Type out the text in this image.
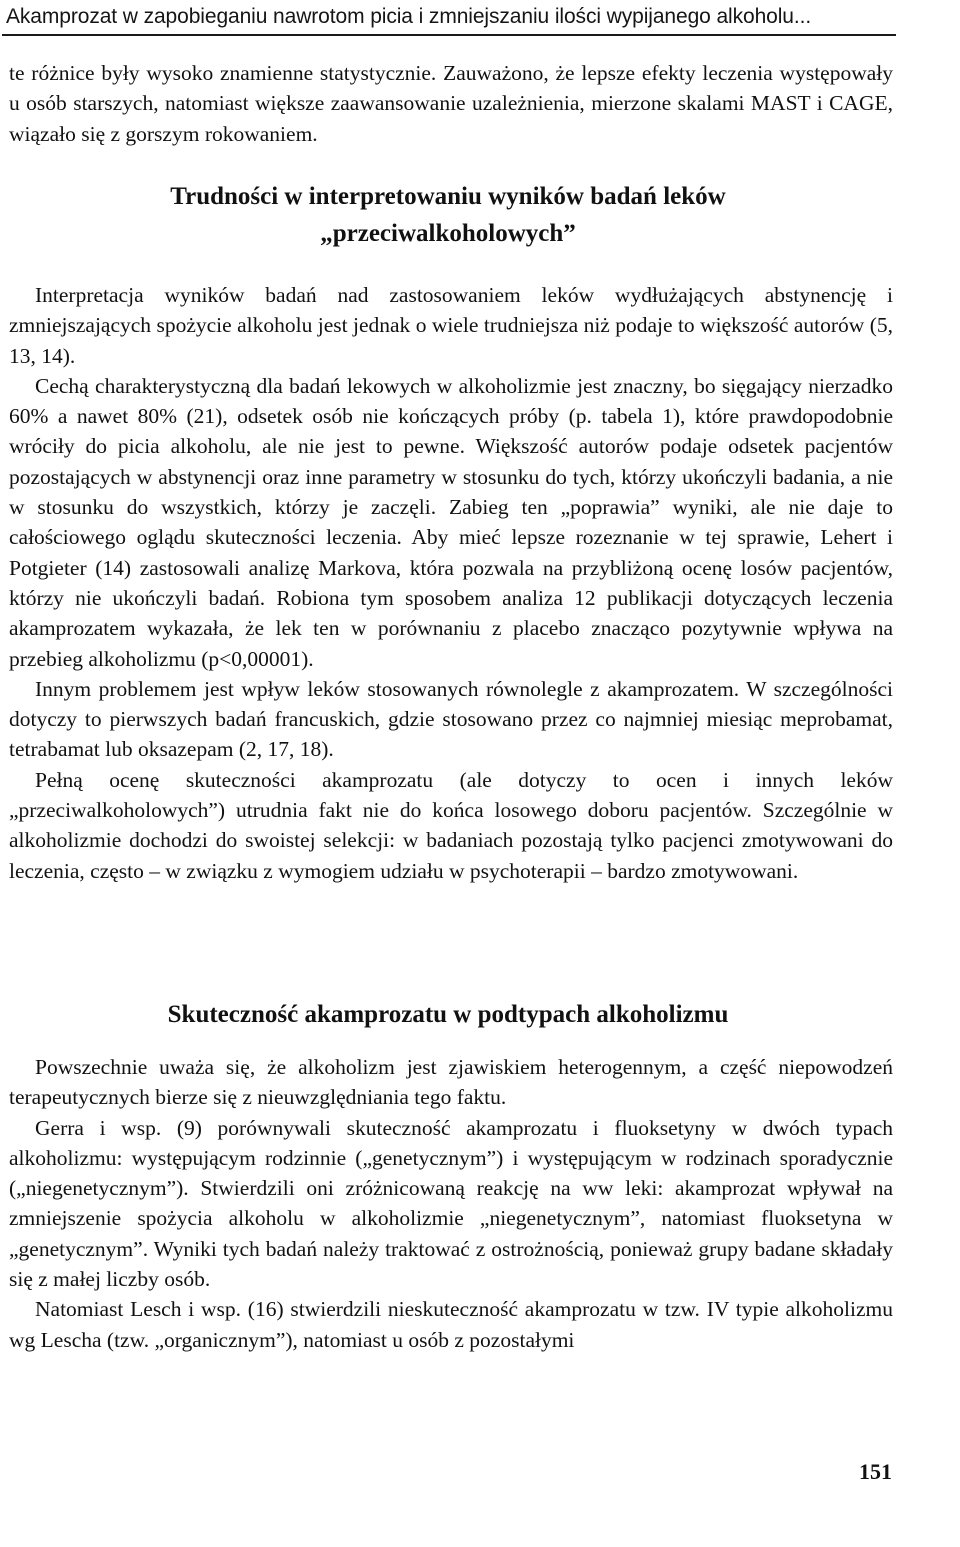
Akamprozat w zapobieganiu nawrotom picia i zmniejszaniu ilości wypijanego alkoholu...

te różnice były wysoko znamienne statystycznie. Zauważono, że lepsze efekty leczenia występowały u osób starszych, natomiast większe zaawansowanie uzależnienia, mierzone skalami MAST i CAGE, wiązało się z gorszym rokowaniem.

Trudności w interpretowaniu wyników badań leków
„przeciwalkoholowych”

Interpretacja wyników badań nad zastosowaniem leków wydłużających abstynencję i zmniejszających spożycie alkoholu jest jednak o wiele trudniejsza niż podaje to większość autorów (5, 13, 14).

Cechą charakterystyczną dla badań lekowych w alkoholizmie jest znaczny, bo sięgający nierzadko 60% a nawet 80% (21), odsetek osób nie kończących próby (p. tabela 1), które prawdopodobnie wróciły do picia alkoholu, ale nie jest to pewne. Większość autorów podaje odsetek pacjentów pozostających w abstynencji oraz inne parametry w stosunku do tych, którzy ukończyli badania, a nie w stosunku do wszystkich, którzy je zaczęli. Zabieg ten „poprawia” wyniki, ale nie daje to całościowego oglądu skuteczności leczenia. Aby mieć lepsze rozeznanie w tej sprawie, Lehert i Potgieter (14) zastosowali analizę Markova, która pozwala na przybliżoną ocenę losów pacjentów, którzy nie ukończyli badań. Robiona tym sposobem analiza 12 publikacji dotyczących leczenia akamprozatem wykazała, że lek ten w porównaniu z placebo znacząco pozytywnie wpływa na przebieg alkoholizmu (p<0,00001).

Innym problemem jest wpływ leków stosowanych równolegle z akamprozatem. W szczególności dotyczy to pierwszych badań francuskich, gdzie stosowano przez co najmniej miesiąc meprobamat, tetrabamat lub oksazepam (2, 17, 18).

Pełną ocenę skuteczności akamprozatu (ale dotyczy to ocen i innych leków „przeciwalkoholowych”) utrudnia fakt nie do końca losowego doboru pacjentów. Szczególnie w alkoholizmie dochodzi do swoistej selekcji: w badaniach pozostają tylko pacjenci zmotywowani do leczenia, często – w związku z wymogiem udziału w psychoterapii – bardzo zmotywowani.

Skuteczność akamprozatu w podtypach alkoholizmu

Powszechnie uważa się, że alkoholizm jest zjawiskiem heterogennym, a część niepowodzeń terapeutycznych bierze się z nieuwzględniania tego faktu.

Gerra i wsp. (9) porównywali skuteczność akamprozatu i fluoksetyny w dwóch typach alkoholizmu: występującym rodzinnie („genetycznym”) i występującym w rodzinach sporadycznie („niegenetycznym”). Stwierdzili oni zróżnicowaną reakcję na ww leki: akamprozat wpływał na zmniejszenie spożycia alkoholu w alkoholizmie „niegenetycznym”, natomiast fluoksetyna w „genetycznym”. Wyniki tych badań należy traktować z ostrożnością, ponieważ grupy badane składały się z małej liczby osób.

Natomiast Lesch i wsp. (16) stwierdzili nieskuteczność akamprozatu w tzw. IV typie alkoholizmu wg Lescha (tzw. „organicznym”), natomiast u osób z pozostałymi

151
